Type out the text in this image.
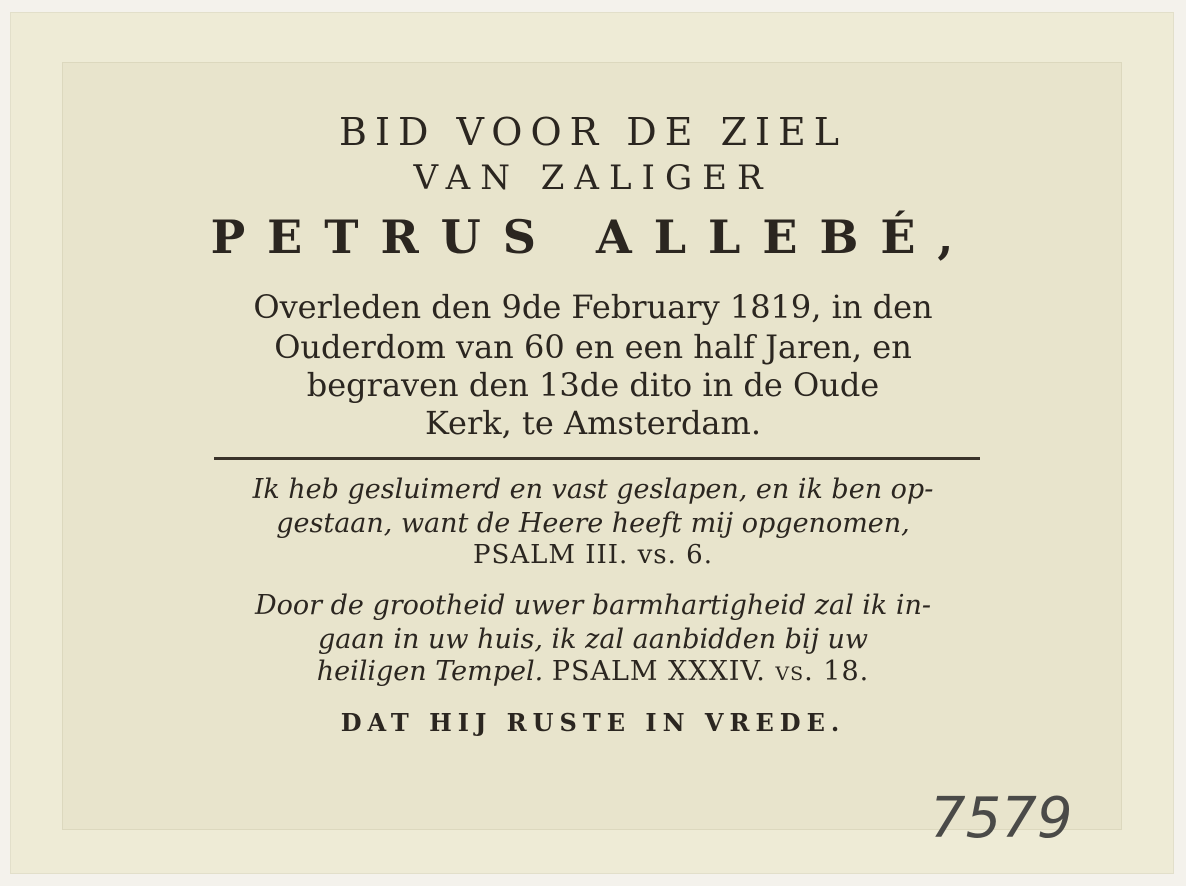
BID VOOR DE ZIEL
VAN ZALIGER
PETRUS ALLEBÉ,
Overleden den 9de February 1819, in den
Ouderdom van 60 en een half Jaren, en
begraven den 13de dito in de Oude
Kerk, te Amsterdam.
Ik heb gesluimerd en vast geslapen, en ik ben op-
gestaan, want de Heere heeft mij opgenomen,
PSALM III. vs. 6.
Door de grootheid uwer barmhartigheid zal ik in-
gaan in uw huis, ik zal aanbidden bij uw
heiligen Tempel. PSALM XXXIV. vs. 18.
DAT HIJ RUSTE IN VREDE.
7579
